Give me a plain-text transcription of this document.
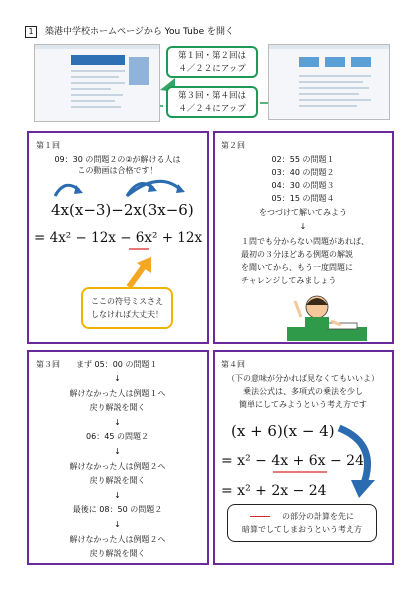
1	築港中学校ホームページから You Tube を開く
第１回・第２回は
４／２２にアップ
第３回・第４回は
４／２４にアップ
第１回
09：30 の問題２の②が解ける人は
この動画は合格です！
4x(x−3)−2x(3x−6)
= 4x² − 12x − 6x² + 12x
ここの符号ミスさえ
しなければ大丈夫！
第２回
02：55 の問題１
03：40 の問題２
04：30 の問題３
05：15 の問題４
をつづけて解いてみよう
↓
１問でも分からない問題があれば、
最初の３分ほどある例題の解説
を聞いてから、もう一度問題に
チャレンジしてみましょう
第３回 まず 05：00 の問題１
↓
解けなかった人は例題１へ
戻り解説を聞く
↓
06：45 の問題２
↓
解けなかった人は例題２へ
戻り解説を聞く
↓
最後に 08：50 の問題２
↓
解けなかった人は例題２へ
戻り解説を聞く
第４回
（下の意味が分かれば見なくてもいいよ）
乗法公式は、多項式の乗法を少し
簡単にしてみようという考え方です
(x + 6)(x − 4)
= x² − 4x + 6x − 24
= x² + 2x − 24
の部分の計算を先に
暗算でしてしまおうという考え方
